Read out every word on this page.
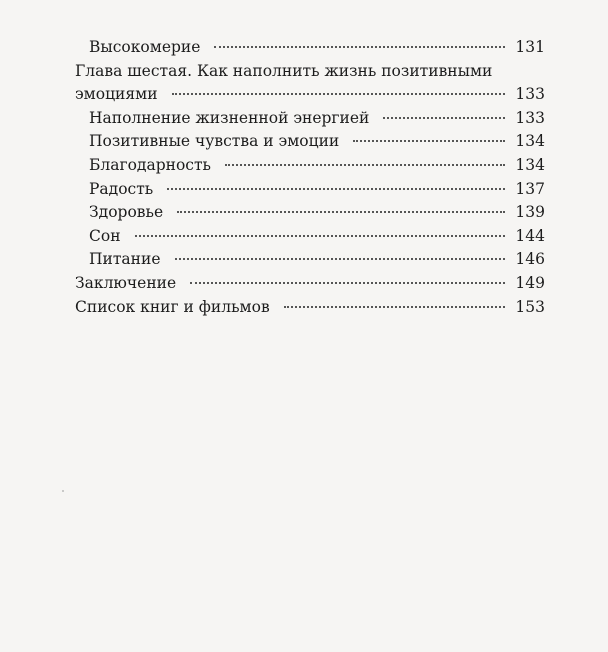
Высокомерие	131
Глава шестая. Как наполнить жизнь позитивными
эмоциями	133
Наполнение жизненной энергией	133
Позитивные чувства и эмоции	134
Благодарность	134
Радость	137
Здоровье	139
Сон	144
Питание	146
Заключение	149
Список книг и фильмов	153
